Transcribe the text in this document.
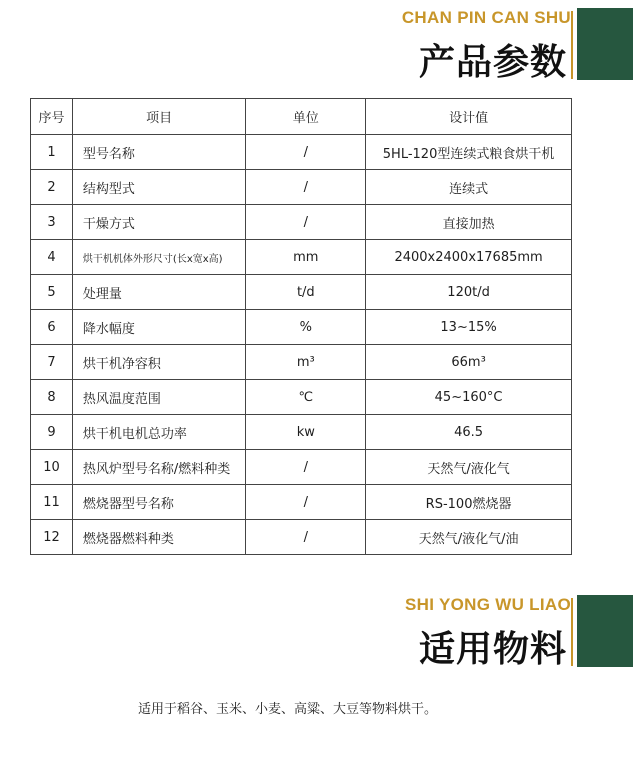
CHAN PIN CAN SHU
产品参数
序号	项目	单位	设计值
1	型号名称	/	5HL-120型连续式粮食烘干机
2	结构型式	/	连续式
3	干燥方式	/	直接加热
4	烘干机机体外形尺寸(长x宽x高)	mm	2400x2400x17685mm
5	处理量	t/d	120t/d
6	降水幅度	%	13~15%
7	烘干机净容积	m³	66m³
8	热风温度范围	℃	45~160°C
9	烘干机电机总功率	kw	46.5
10	热风炉型号名称/燃料种类	/	天然气/液化气
11	燃烧器型号名称	/	RS-100燃烧器
12	燃烧器燃料种类	/	天然气/液化气/油
SHI YONG WU LIAO
适用物料
适用于稻谷、玉米、小麦、高粱、大豆等物料烘干。
